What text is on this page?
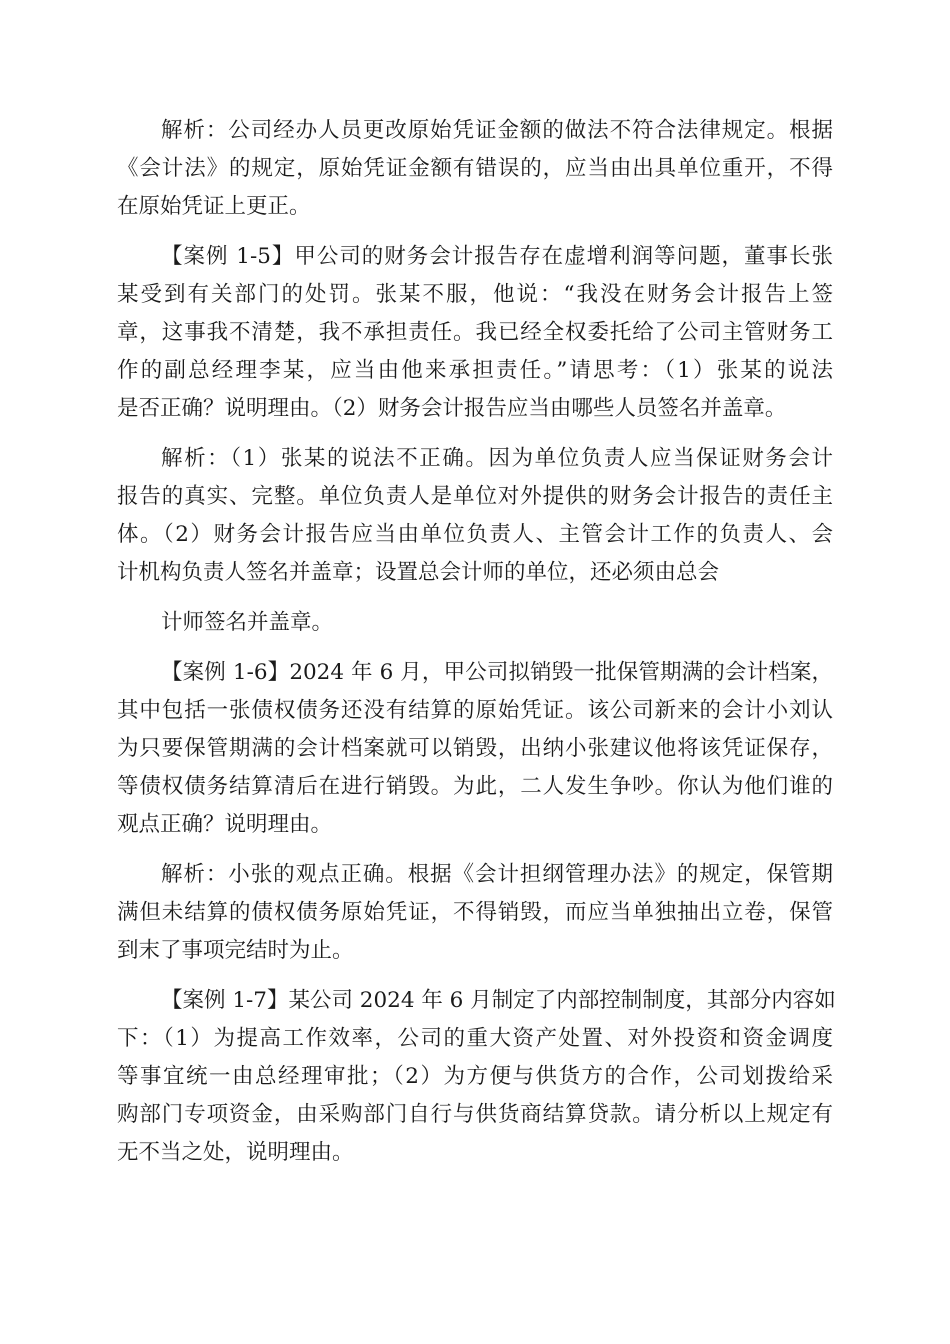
解析：公司经办人员更改原始凭证金额的做法不符合法律规定。根据
《会计法》的规定，原始凭证金额有错误的，应当由出具单位重开，不得
在原始凭证上更正。
【案例 1-5】甲公司的财务会计报告存在虚增利润等问题，董事长张
某受到有关部门的处罚。张某不服，他说：“我没在财务会计报告上签
章，这事我不清楚，我不承担责任。我已经全权委托给了公司主管财务工
作的副总经理李某，应当由他来承担责任。”请思考：（1）张某的说法
是否正确？说明理由。（2）财务会计报告应当由哪些人员签名并盖章。
解析：（1）张某的说法不正确。因为单位负责人应当保证财务会计
报告的真实、完整。单位负责人是单位对外提供的财务会计报告的责任主
体。（2）财务会计报告应当由单位负责人、主管会计工作的负责人、会
计机构负责人签名并盖章；设置总会计师的单位，还必须由总会
计师签名并盖章。
【案例 1-6】2024 年 6 月，甲公司拟销毁一批保管期满的会计档案，
其中包括一张债权债务还没有结算的原始凭证。该公司新来的会计小刘认
为只要保管期满的会计档案就可以销毁，出纳小张建议他将该凭证保存，
等债权债务结算清后在进行销毁。为此，二人发生争吵。你认为他们谁的
观点正确？说明理由。
解析：小张的观点正确。根据《会计担纲管理办法》的规定，保管期
满但未结算的债权债务原始凭证，不得销毁，而应当单独抽出立卷，保管
到末了事项完结时为止。
【案例 1-7】某公司 2024 年 6 月制定了内部控制制度，其部分内容如
下：（1）为提高工作效率，公司的重大资产处置、对外投资和资金调度
等事宜统一由总经理审批；（2）为方便与供货方的合作，公司划拨给采
购部门专项资金，由采购部门自行与供货商结算贷款。请分析以上规定有
无不当之处，说明理由。
